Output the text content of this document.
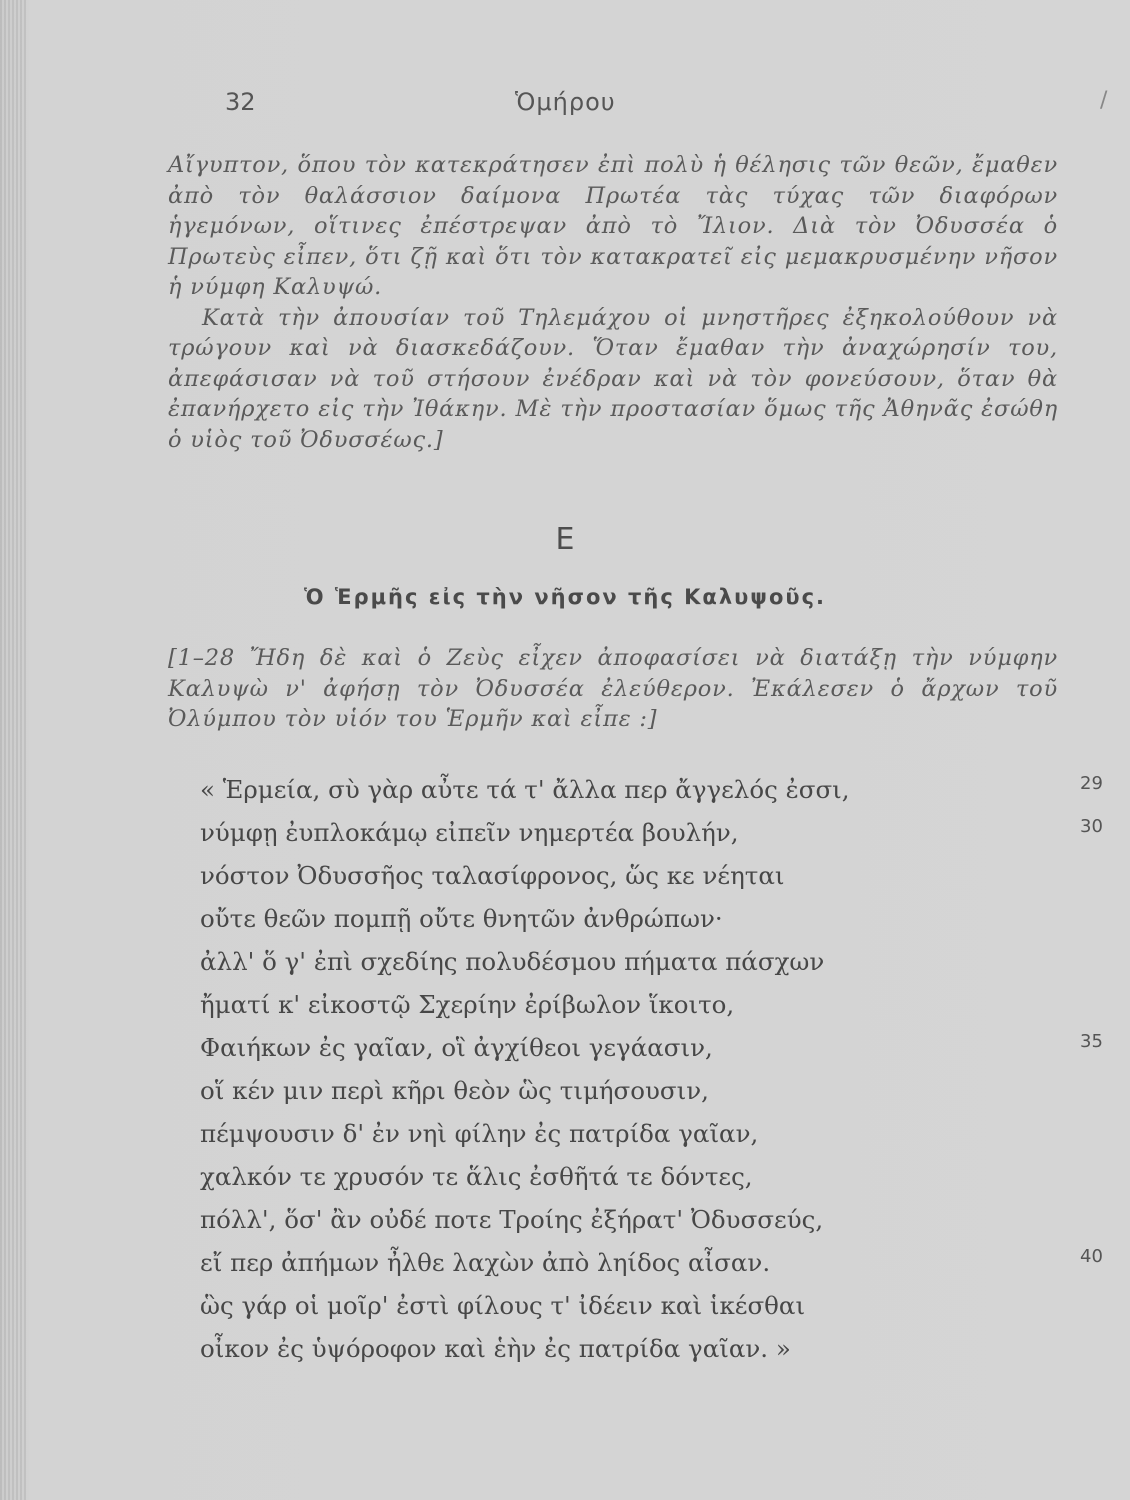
32	Ὁμήρου	/

Αἴγυπτον, ὅπου τὸν κατεκράτησεν ἐπὶ πολὺ ἡ θέλησις τῶν θεῶν, ἔμαθεν ἀπὸ τὸν θαλάσσιον δαίμονα Πρωτέα τὰς τύχας τῶν διαφόρων ἡγεμόνων, οἵτινες ἐπέστρεψαν ἀπὸ τὸ Ἴλιον. Διὰ τὸν Ὀδυσσέα ὁ Πρωτεὺς εἶπεν, ὅτι ζῇ καὶ ὅτι τὸν κατακρατεῖ εἰς μεμακρυσμένην νῆσον ἡ νύμφη Καλυψώ.

Κατὰ τὴν ἀπουσίαν τοῦ Τηλεμάχου οἱ μνηστῆρες ἐξηκολούθουν νὰ τρώγουν καὶ νὰ διασκεδάζουν. Ὅταν ἔμαθαν τὴν ἀναχώρησίν του, ἀπεφάσισαν νὰ τοῦ στήσουν ἐνέδραν καὶ νὰ τὸν φονεύσουν, ὅταν θὰ ἐπανήρχετο εἰς τὴν Ἰθάκην. Μὲ τὴν προστασίαν ὅμως τῆς Ἀθηνᾶς ἐσώθη ὁ υἱὸς τοῦ Ὀδυσσέως.]

Ε
Ὁ Ἑρμῆς εἰς τὴν νῆσον τῆς Καλυψοῦς.

[1–28 Ἤδη δὲ καὶ ὁ Ζεὺς εἶχεν ἀποφασίσει νὰ διατάξῃ τὴν νύμφην Καλυψὼ ν' ἀφήσῃ τὸν Ὀδυσσέα ἐλεύθερον. Ἐκάλεσεν ὁ ἄρχων τοῦ Ὀλύμπου τὸν υἱόν του Ἑρμῆν καὶ εἶπε :]

« Ἑρμεία, σὺ γὰρ αὖτε τά τ' ἄλλα περ ἄγγελός ἐσσι,	29
νύμφῃ ἐυπλοκάμῳ εἰπεῖν νημερτέα βουλήν,	30
νόστον Ὀδυσσῆος ταλασίφρονος, ὥς κε νέηται
οὔτε θεῶν πομπῇ οὔτε θνητῶν ἀνθρώπων·
ἀλλ' ὅ γ' ἐπὶ σχεδίης πολυδέσμου πήματα πάσχων
ἤματί κ' εἰκοστῷ Σχερίην ἐρίβωλον ἵκοιτο,
Φαιήκων ἐς γαῖαν, οἳ ἀγχίθεοι γεγάασιν,	35
οἵ κέν μιν περὶ κῆρι θεὸν ὣς τιμήσουσιν,
πέμψουσιν δ' ἐν νηὶ φίλην ἐς πατρίδα γαῖαν,
χαλκόν τε χρυσόν τε ἅλις ἐσθῆτά τε δόντες,
πόλλ', ὅσ' ἂν οὐδέ ποτε Τροίης ἐξήρατ' Ὀδυσσεύς,
εἴ περ ἀπήμων ἦλθε λαχὼν ἀπὸ ληίδος αἶσαν.	40
ὣς γάρ οἱ μοῖρ' ἐστὶ φίλους τ' ἰδέειν καὶ ἱκέσθαι
οἶκον ἐς ὑψόροφον καὶ ἑὴν ἐς πατρίδα γαῖαν. »
